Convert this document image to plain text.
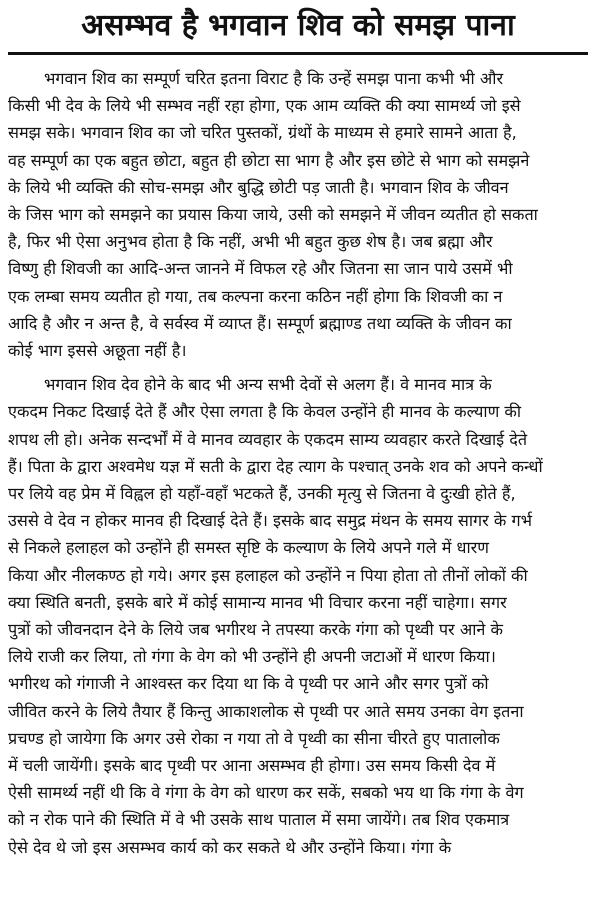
असम्भव है भगवान शिव को समझ पाना

भगवान शिव का सम्पूर्ण चरित इतना विराट है कि उन्हें समझ पाना कभी भी और
किसी भी देव के लिये भी सम्भव नहीं रहा होगा, एक आम व्यक्ति की क्या सामर्थ्य जो इसे
समझ सके। भगवान शिव का जो चरित पुस्तकों, ग्रंथों के माध्यम से हमारे सामने आता है,
वह सम्पूर्ण का एक बहुत छोटा, बहुत ही छोटा सा भाग है और इस छोटे से भाग को समझने
के लिये भी व्यक्ति की सोच-समझ और बुद्धि छोटी पड़ जाती है। भगवान शिव के जीवन
के जिस भाग को समझने का प्रयास किया जाये, उसी को समझने में जीवन व्यतीत हो सकता
है, फिर भी ऐसा अनुभव होता है कि नहीं, अभी भी बहुत कुछ शेष है। जब ब्रह्मा और
विष्णु ही शिवजी का आदि-अन्त जानने में विफल रहे और जितना सा जान पाये उसमें भी
एक लम्बा समय व्यतीत हो गया, तब कल्पना करना कठिन नहीं होगा कि शिवजी का न
आदि है और न अन्त है, वे सर्वस्व में व्याप्त हैं। सम्पूर्ण ब्रह्माण्ड तथा व्यक्ति के जीवन का
कोई भाग इससे अछूता नहीं है।

भगवान शिव देव होने के बाद भी अन्य सभी देवों से अलग हैं। वे मानव मात्र के
एकदम निकट दिखाई देते हैं और ऐसा लगता है कि केवल उन्होंने ही मानव के कल्याण की
शपथ ली हो। अनेक सन्दर्भों में वे मानव व्यवहार के एकदम साम्य व्यवहार करते दिखाई देते
हैं। पिता के द्वारा अश्वमेध यज्ञ में सती के द्वारा देह त्याग के पश्चात् उनके शव को अपने कन्धों
पर लिये वह प्रेम में विह्वल हो यहाँ-वहाँ भटकते हैं, उनकी मृत्यु से जितना वे दुःखी होते हैं,
उससे वे देव न होकर मानव ही दिखाई देते हैं। इसके बाद समुद्र मंथन के समय सागर के गर्भ
से निकले हलाहल को उन्होंने ही समस्त सृष्टि के कल्याण के लिये अपने गले में धारण
किया और नीलकण्ठ हो गये। अगर इस हलाहल को उन्होंने न पिया होता तो तीनों लोकों की
क्या स्थिति बनती, इसके बारे में कोई सामान्य मानव भी विचार करना नहीं चाहेगा। सगर
पुत्रों को जीवनदान देने के लिये जब भगीरथ ने तपस्या करके गंगा को पृथ्वी पर आने के
लिये राजी कर लिया, तो गंगा के वेग को भी उन्होंने ही अपनी जटाओं में धारण किया।
भगीरथ को गंगाजी ने आश्वस्त कर दिया था कि वे पृथ्वी पर आने और सगर पुत्रों को
जीवित करने के लिये तैयार हैं किन्तु आकाशलोक से पृथ्वी पर आते समय उनका वेग इतना
प्रचण्ड हो जायेगा कि अगर उसे रोका न गया तो वे पृथ्वी का सीना चीरते हुए पातालोक
में चली जायेंगी। इसके बाद पृथ्वी पर आना असम्भव ही होगा। उस समय किसी देव में
ऐसी सामर्थ्य नहीं थी कि वे गंगा के वेग को धारण कर सकें, सबको भय था कि गंगा के वेग
को न रोक पाने की स्थिति में वे भी उसके साथ पाताल में समा जायेंगे। तब शिव एकमात्र
ऐसे देव थे जो इस असम्भव कार्य को कर सकते थे और उन्होंने किया। गंगा के
